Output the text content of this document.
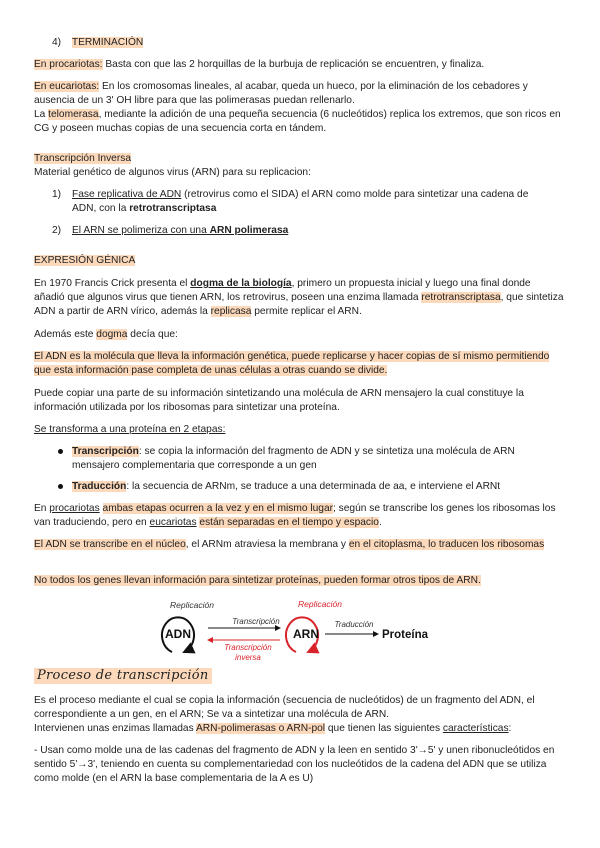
4) TERMINACIÓN

En procariotas: Basta con que las 2 horquillas de la burbuja de replicación se encuentren, y finaliza.

En eucariotas: En los cromosomas lineales, al acabar, queda un hueco, por la eliminación de los cebadores y ausencia de un 3' OH libre para que las polimerasas puedan rellenarlo.

La telomerasa, mediante la adición de una pequeña secuencia (6 nucleótidos) replica los extremos, que son ricos en CG y poseen muchas copias de una secuencia corta en tándem.

Transcripción Inversa

Material genético de algunos virus (ARN) para su replicacion:

1) Fase replicativa de ADN (retrovirus como el SIDA) el ARN como molde para sintetizar una cadena de ADN, con la retrotranscriptasa
2) El ARN se polimeriza con una ARN polimerasa

EXPRESIÓN GÉNICA

En 1970 Francis Crick presenta el dogma de la biología, primero un propuesta inicial y luego una final donde añadió que algunos virus que tienen ARN, los retrovirus, poseen una enzima llamada retrotranscriptasa, que sintetiza ADN a partir de ARN vírico, además la replicasa permite replicar el ARN.

Además este dogma decía que:

El ADN es la molécula que lleva la información genética, puede replicarse y hacer copias de sí mismo permitiendo que esta información pase completa de unas células a otras cuando se divide.

Puede copiar una parte de su información sintetizando una molécula de ARN mensajero la cual constituye la información utilizada por los ribosomas para sintetizar una proteína.

Se transforma a una proteína en 2 etapas:

Transcripción: se copia la información del fragmento de ADN y se sintetiza una molécula de ARN mensajero complementaria que corresponde a un gen
Traducción: la secuencia de ARNm, se traduce a una determinada de aa, e interviene el ARNt

En procariotas ambas etapas ocurren a la vez y en el mismo lugar; según se transcribe los genes los ribosomas los van traduciendo, pero en eucariotas están separadas en el tiempo y espacio.

El ADN se transcribe en el núcleo, el ARNm atraviesa la membrana y en el citoplasma, lo traducen los ribosomas

No todos los genes llevan información para sintetizar proteínas, pueden formar otros tipos de ARN.

Replicación
ADN
Transcripción
Transcripción
inversa
Replicación
ARN
Traducción
Proteína
Proceso de transcripción

Es el proceso mediante el cual se copia la información (secuencia de nucleótidos) de un fragmento del ADN, el correspondiente a un gen, en el ARN; Se va a sintetizar una molécula de ARN.

Intervienen unas enzimas llamadas ARN-polimerasas o ARN-pol que tienen las siguientes características:

- Usan como molde una de las cadenas del fragmento de ADN y la leen en sentido 3'→5' y unen ribonucleótidos en sentido 5'→3', teniendo en cuenta su complementariedad con los nucleótidos de la cadena del ADN que se utiliza como molde (en el ARN la base complementaria de la A es U)
